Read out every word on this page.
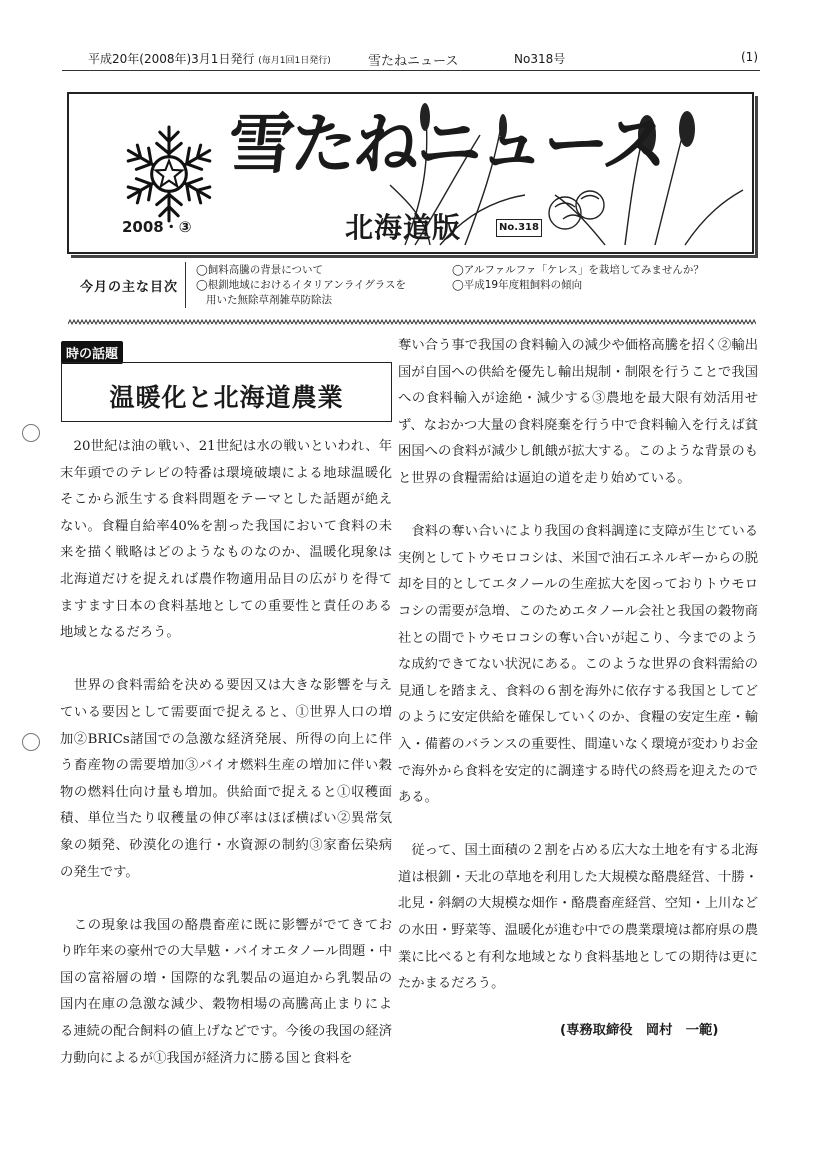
平成20年(2008年)3月1日発行 (毎月1回1日発行)	雪たねニュース	No318号	(1)
雪たねニュース
2008・③	北海道版	No.318
今月の主な目次
◯飼料高騰の背景について
◯根釧地域におけるイタリアンライグラスを
用いた無除草剤雑草防除法
◯アルファルファ「ケレス」を栽培してみませんか？
◯平成19年度粗飼料の傾向
時の話題
温暖化と北海道農業

　20世紀は油の戦い、21世紀は水の戦いといわれ、年末年頭でのテレビの特番は環境破壊による地球温暖化そこから派生する食料問題をテーマとした話題が絶えない。食糧自給率40%を割った我国において食料の未来を描く戦略はどのようなものなのか、温暖化現象は北海道だけを捉えれば農作物適用品目の広がりを得てますます日本の食料基地としての重要性と責任のある地域となるだろう。

　世界の食料需給を決める要因又は大きな影響を与えている要因として需要面で捉えると、①世界人口の増加②BRICs諸国での急激な経済発展、所得の向上に伴う畜産物の需要増加③バイオ燃料生産の増加に伴い穀物の燃料仕向け量も増加。供給面で捉えると①収穫面積、単位当たり収穫量の伸び率はほぼ横ばい②異常気象の頻発、砂漠化の進行・水資源の制約③家畜伝染病の発生です。

　この現象は我国の酪農畜産に既に影響がでてきており昨年来の豪州での大旱魃・バイオエタノール問題・中国の富裕層の増・国際的な乳製品の逼迫から乳製品の国内在庫の急激な減少、穀物相場の高騰高止まりによる連続の配合飼料の値上げなどです。今後の我国の経済力動向によるが①我国が経済力に勝る国と食料を

奪い合う事で我国の食料輸入の減少や価格高騰を招く②輸出国が自国への供給を優先し輸出規制・制限を行うことで我国への食料輸入が途絶・減少する③農地を最大限有効活用せず、なおかつ大量の食料廃棄を行う中で食料輸入を行えば貧困国への食料が減少し飢餓が拡大する。このような背景のもと世界の食糧需給は逼迫の道を走り始めている。

　食料の奪い合いにより我国の食料調達に支障が生じている実例としてトウモロコシは、米国で油石エネルギーからの脱却を目的としてエタノールの生産拡大を図っておりトウモロコシの需要が急増、このためエタノール会社と我国の穀物商社との間でトウモロコシの奪い合いが起こり、今までのような成約できてない状況にある。このような世界の食料需給の見通しを踏まえ、食料の６割を海外に依存する我国としてどのように安定供給を確保していくのか、食糧の安定生産・輸入・備蓄のバランスの重要性、間違いなく環境が変わりお金で海外から食料を安定的に調達する時代の終焉を迎えたのである。

　従って、国土面積の２割を占める広大な土地を有する北海道は根釧・天北の草地を利用した大規模な酪農経営、十勝・北見・斜網の大規模な畑作・酪農畜産経営、空知・上川などの水田・野菜等、温暖化が進む中での農業環境は都府県の農業に比べると有利な地域となり食料基地としての期待は更にたかまるだろう。

(専務取締役　岡村　一範)
